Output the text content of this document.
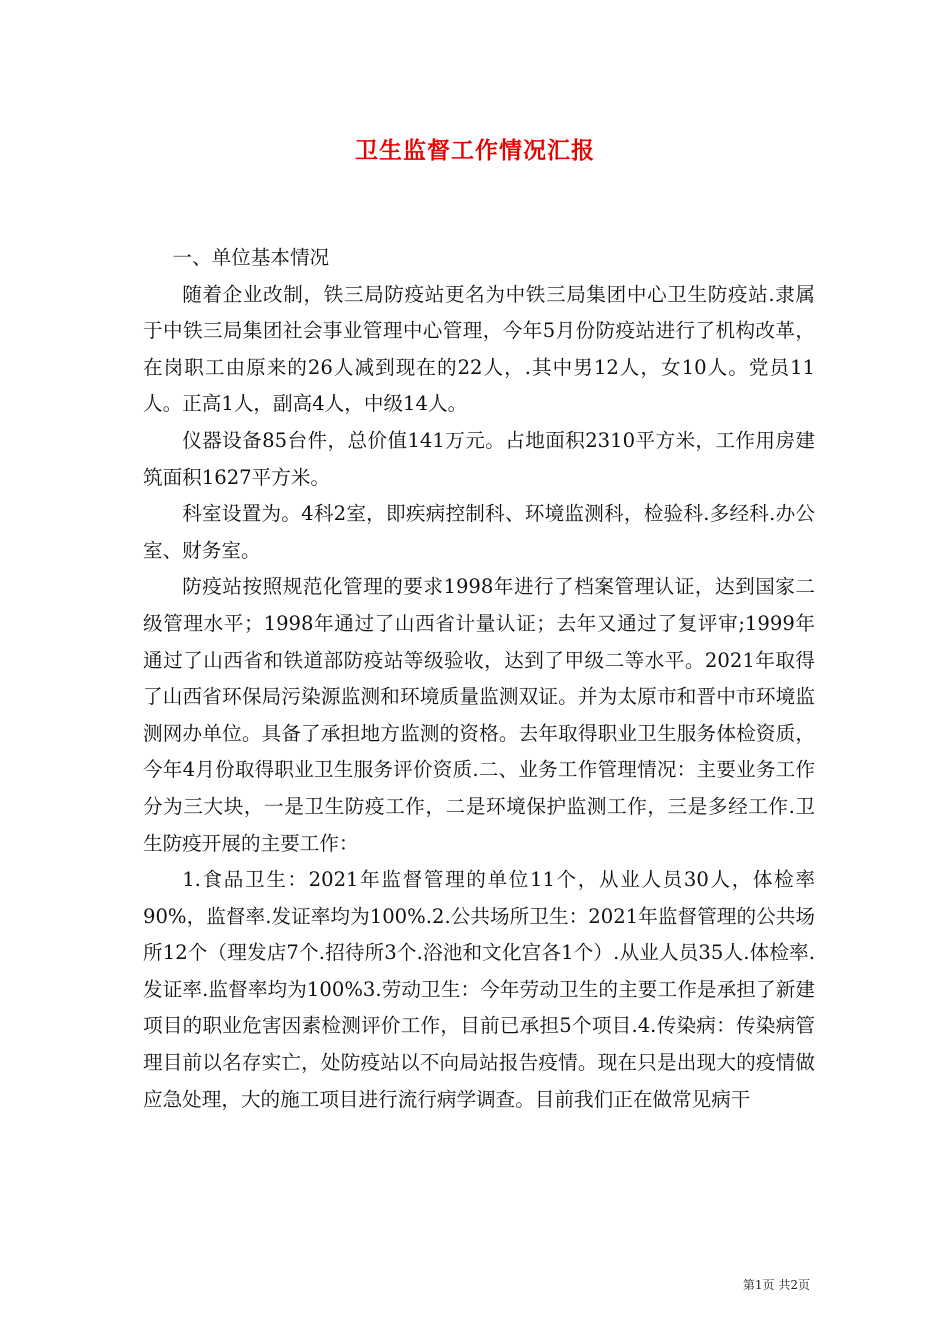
卫生监督工作情况汇报

一、单位基本情况

随着企业改制，铁三局防疫站更名为中铁三局集团中心卫生防疫站.隶属于中铁三局集团社会事业管理中心管理，今年5月份防疫站进行了机构改革，在岗职工由原来的26人减到现在的22人，.其中男12人，女10人。党员11人。正高1人，副高4人，中级14人。

仪器设备85台件，总价值141万元。占地面积2310平方米，工作用房建筑面积1627平方米。

科室设置为。4科2室，即疾病控制科、环境监测科，检验科.多经科.办公室、财务室。

防疫站按照规范化管理的要求1998年进行了档案管理认证，达到国家二级管理水平；1998年通过了山西省计量认证；去年又通过了复评审;1999年通过了山西省和铁道部防疫站等级验收，达到了甲级二等水平。2021年取得了山西省环保局污染源监测和环境质量监测双证。并为太原市和晋中市环境监测网办单位。具备了承担地方监测的资格。去年取得职业卫生服务体检资质，今年4月份取得职业卫生服务评价资质.二、业务工作管理情况：主要业务工作分为三大块，一是卫生防疫工作，二是环境保护监测工作，三是多经工作.卫生防疫开展的主要工作：

1.食品卫生：2021年监督管理的单位11个，从业人员30人，体检率90%，监督率.发证率均为100%.2.公共场所卫生：2021年监督管理的公共场所12个（理发店7个.招待所3个.浴池和文化宫各1个）.从业人员35人.体检率.发证率.监督率均为100%3.劳动卫生：今年劳动卫生的主要工作是承担了新建项目的职业危害因素检测评价工作，目前已承担5个项目.4.传染病：传染病管理目前以名存实亡，处防疫站以不向局站报告疫情。现在只是出现大的疫情做应急处理，大的施工项目进行流行病学调查。目前我们正在做常见病干

第1页 共2页
